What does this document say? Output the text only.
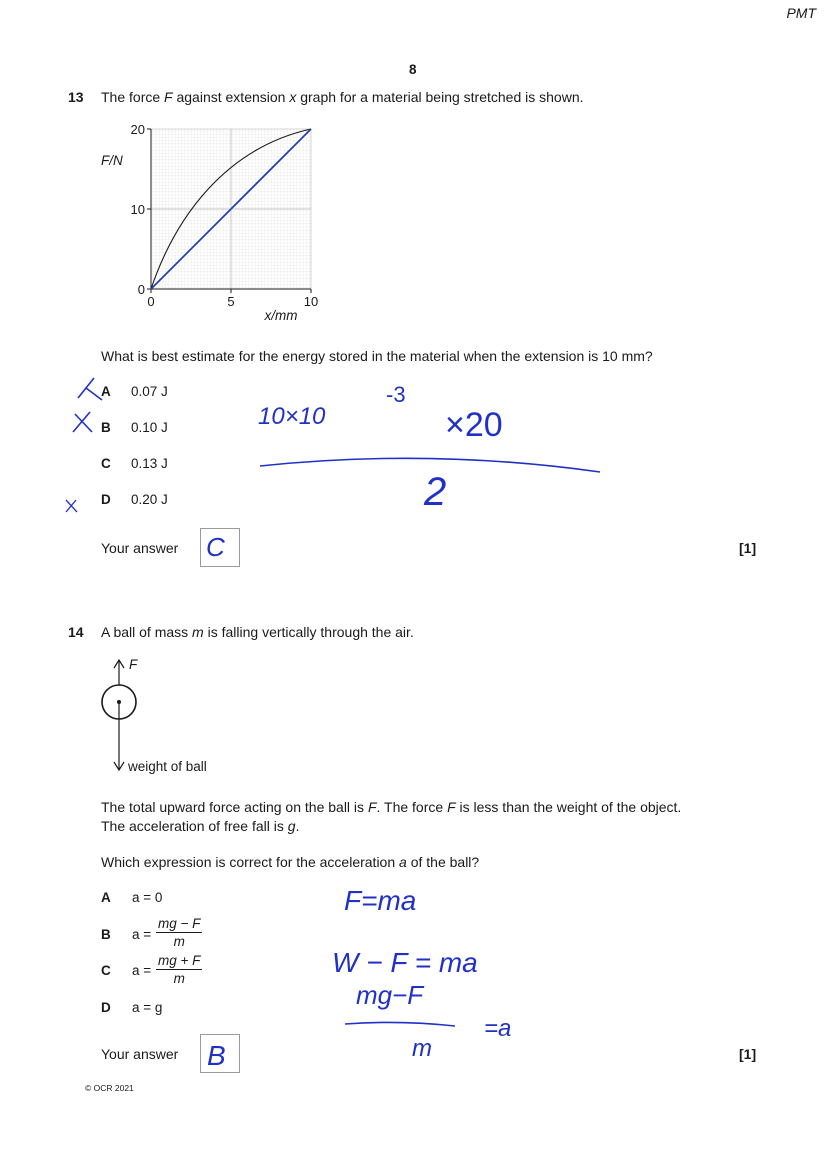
PMT
8
13 The force F against extension x graph for a material being stretched is shown.
20
10
0
0	5	10
F/N
x/mm
What is best estimate for the energy stored in the material when the extension is 10 mm?
A 0.07 J
B 0.10 J
C 0.13 J
D 0.20 J
Your answer C	[1]
10×10
-3
×20
2
14 A ball of mass m is falling vertically through the air.
F
weight of ball
The total upward force acting on the ball is F. The force F is less than the weight of the object.
The acceleration of free fall is g.
Which expression is correct for the acceleration a of the ball?
A a = 0
B $a = \frac{mg - F}{m}$
C $a = \frac{mg + F}{m}$
D a = g
Your answer B	[1]
F=ma
W − F = ma
mg−F
m
=a
© OCR 2021
